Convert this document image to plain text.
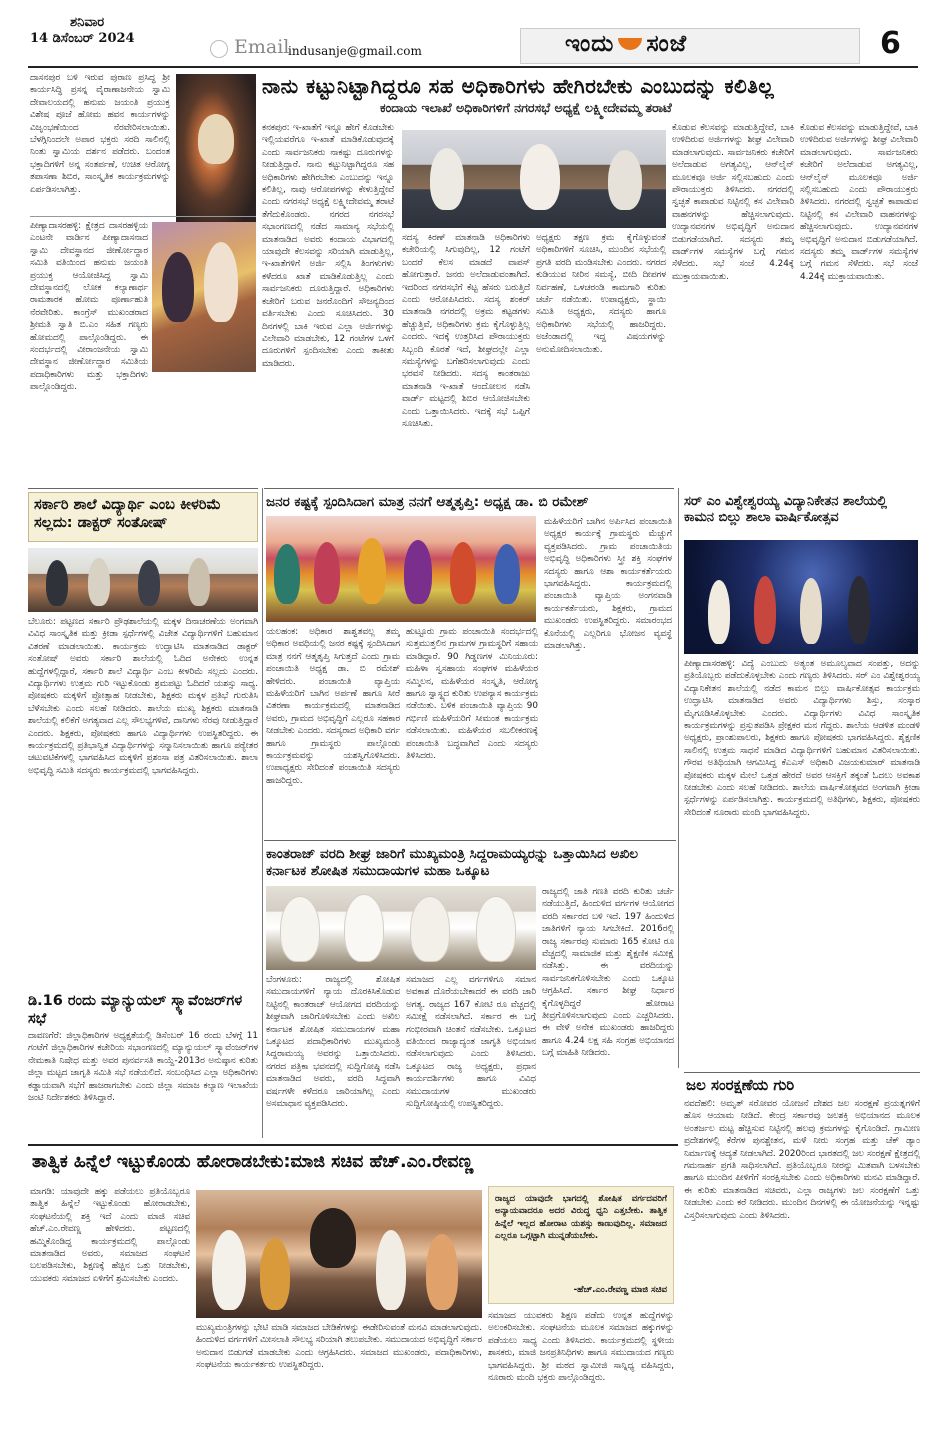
ಶನಿವಾರ
14 ಡಿಸೆಂಬರ್ 2024	Email
indusanje@gmail.com	ಇಂದು ಸಂಜೆ	6
ದಾಸನಪುರ ಬಳಿ ಇರುವ ಪುರಾಣ ಪ್ರಸಿದ್ಧ ಶ್ರೀ ಕಾರ್ಯಸಿದ್ಧಿ ಪ್ರಸನ್ನ ವೈರಾಣಾಜನೇಯ ಸ್ವಾಮಿ ದೇವಾಲಯದಲ್ಲಿ ಹನುಮ ಜಯಂತಿ ಪ್ರಯುಕ್ತ ವಿಶೇಷ ಪೂಜೆ ಹೋಮ ಹವನ ಕಾರ್ಯಗಳನ್ನು ವಿಜೃಂಭಣೆಯಿಂದ ನೆರವೇರಿಸಲಾಯಿತು. ಬೆಳಗ್ಗಿನಿಂದಲೇ ಅಪಾರ ಭಕ್ತರು ಸರದಿ ಸಾಲಿನಲ್ಲಿ ನಿಂತು ಸ್ವಾಮಿಯ ದರ್ಶನ ಪಡೆದರು. ಬಂದಂತ ಭಕ್ತಾದಿಗಳಿಗೆ ಅನ್ನ ಸಂತರ್ಪಣೆ, ಉಚಿತ ಆರೋಗ್ಯ ತಪಾಸಣಾ ಶಿಬಿರ, ಸಾಂಸ್ಕೃತಿಕ ಕಾರ್ಯಕ್ರಮಗಳನ್ನು ಏರ್ಪಡಿಸಲಾಗಿತ್ತು.
ಪೀಣ್ಯಾದಾಸರಹಳ್ಳಿ: ಕ್ಷೇತ್ರದ ದಾಸರಹಳ್ಳಿಯ ಎಂಟನೇ ವಾರ್ಡಿನ ಪೀಣ್ಯಾದಾಸನಾದ ಸ್ವಾಮಿ ದೇವಸ್ಥಾನದ ಜೀರ್ಣೋದ್ಧಾರ ಸಮಿತಿ ವತಿಯಿಂದ ಹನುಮ ಜಯಂತಿ ಪ್ರಯುಕ್ತ ಆಯೋಜಿಸಿದ್ದ ಸ್ವಾಮಿ ದೇವಸ್ಥಾನದಲ್ಲಿ ಲೋಕ ಕಲ್ಯಾಣಾರ್ಥ ರಾಮತಾರಕ ಹೋಮ ಪೂರ್ಣಾಹುತಿ ನೆರವೇರಿತು. ಕಾಂಗ್ರೆಸ್ ಮುಖಂಡರಾದ ಶ್ರೀಮತಿ ಸ್ವಾತಿ ಬಿ.ಎಂ ಸಹಿತ ಗಣ್ಯರು ಹೋಮದಲ್ಲಿ ಪಾಲ್ಗೊಂಡಿದ್ದರು. ಈ ಸಂದರ್ಭದಲ್ಲಿ ವೀರಾಂಜನೇಯ ಸ್ವಾಮಿ ದೇವಸ್ಥಾನ ಜೀರ್ಣೋದ್ಧಾರ ಸಮಿತಿಯ ಪದಾಧಿಕಾರಿಗಳು ಮತ್ತು ಭಕ್ತಾದಿಗಳು ಪಾಲ್ಗೊಂಡಿದ್ದರು.
ನಾನು ಕಟ್ಟುನಿಟ್ಟಾಗಿದ್ದರೂ ಸಹ ಅಧಿಕಾರಿಗಳು ಹೇಗಿರಬೇಕು ಎಂಬುದನ್ನು ಕಲಿತಿಲ್ಲ
ಕಂದಾಯ ಇಲಾಖೆ ಅಧಿಕಾರಿಗಳಿಗೆ ನಗರಸಭೆ ಅಧ್ಯಕ್ಷೆ ಲಕ್ಷ್ಮೀದೇವಮ್ಮ ತರಾಟೆ
ಕನಕಪುರ: ಇ-ಖಾತೆಗೆ ಇನ್ನೂ ಹೇಗೆ ಕೊಡಬೇಕು ಇಲ್ಲಿಯವರೆಗೂ ಇ-ಖಾತೆ ಮಾಡಿಕೊಡುವುದಕ್ಕೆ ಎಂದು ಸಾರ್ವಜನಿಕರು ನಾಕಷ್ಟು ದೂರುಗಳನ್ನು ನೀಡುತ್ತಿದ್ದಾರೆ. ನಾನು ಕಟ್ಟುನಿಟ್ಟಾಗಿದ್ದರೂ ಸಹ ಅಧಿಕಾರಿಗಳು ಹೇಗಿರಬೇಕು ಎಂಬುದನ್ನು ಇನ್ನೂ ಕಲಿತಿಲ್ಲ, ನಾವು ಆರೋಪಗಳನ್ನು ಕೇಳುತ್ತಿದ್ದೇವೆ ಎಂದು ನಗರಸಭೆ ಅಧ್ಯಕ್ಷೆ ಲಕ್ಷ್ಮೀದೇವಮ್ಮ ತರಾಟೆ ತೆಗೆದುಕೊಂಡರು. ನಗರದ ನಗರಸಭೆ ಸಭಾಂಗಣದಲ್ಲಿ ನಡೆದ ಸಾಮಾನ್ಯ ಸಭೆಯಲ್ಲಿ ಮಾತನಾಡಿದ ಅವರು ಕಂದಾಯ ವಿಭಾಗದಲ್ಲಿ ಯಾವುದೇ ಕೆಲಸವನ್ನು ಸರಿಯಾಗಿ ಮಾಡುತ್ತಿಲ್ಲ, ಇ-ಖಾತೆಗಳಿಗೆ ಅರ್ಜಿ ಸಲ್ಲಿಸಿ ತಿಂಗಳುಗಳು ಕಳೆದರೂ ಖಾತೆ ಮಾಡಿಕೊಡುತ್ತಿಲ್ಲ ಎಂದು ಸಾರ್ವಜನಿಕರು ದೂರುತ್ತಿದ್ದಾರೆ. ಅಧಿಕಾರಿಗಳು ಕಚೇರಿಗೆ ಬರುವ ಜನರೊಂದಿಗೆ ಸೌಜನ್ಯದಿಂದ ವರ್ತಿಸಬೇಕು ಎಂದು ಸೂಚಿಸಿದರು. 30 ದಿನಗಳಲ್ಲಿ ಬಾಕಿ ಇರುವ ಎಲ್ಲಾ ಅರ್ಜಿಗಳನ್ನು ವಿಲೇವಾರಿ ಮಾಡಬೇಕು, 12 ಗಂಟೆಗಳ ಒಳಗೆ ದೂರುಗಳಿಗೆ ಸ್ಪಂದಿಸಬೇಕು ಎಂದು ತಾಕೀತು ಮಾಡಿದರು.
ಸದಸ್ಯ ಕಿರಣ್ ಮಾತನಾಡಿ ಅಧಿಕಾರಿಗಳು ಕಚೇರಿಯಲ್ಲಿ ಸಿಗುವುದಿಲ್ಲ, 12 ಗಂಟೆಗೆ ಬಂದರೆ ಕೆಲಸ ಮಾಡದೆ ವಾಪಸ್ ಹೋಗುತ್ತಾರೆ. ಜನರು ಅಲೆದಾಡುವಂತಾಗಿದೆ. ಇದರಿಂದ ನಗರಸಭೆಗೆ ಕೆಟ್ಟ ಹೆಸರು ಬರುತ್ತಿದೆ ಎಂದು ಆರೋಪಿಸಿದರು. ಸದಸ್ಯ ಶಂಕರ್ ಮಾತನಾಡಿ ನಗರದಲ್ಲಿ ಅಕ್ರಮ ಕಟ್ಟಡಗಳು ಹೆಚ್ಚುತ್ತಿವೆ, ಅಧಿಕಾರಿಗಳು ಕ್ರಮ ಕೈಗೊಳ್ಳುತ್ತಿಲ್ಲ ಎಂದರು. ಇದಕ್ಕೆ ಉತ್ತರಿಸಿದ ಪೌರಾಯುಕ್ತರು ಸಿಬ್ಬಂದಿ ಕೊರತೆ ಇದೆ, ಶೀಘ್ರದಲ್ಲೇ ಎಲ್ಲಾ ಸಮಸ್ಯೆಗಳನ್ನು ಬಗೆಹರಿಸಲಾಗುವುದು ಎಂದು ಭರವಸೆ ನೀಡಿದರು. ಸದಸ್ಯ ಕಾಂತರಾಜು ಮಾತನಾಡಿ ಇ-ಖಾತೆ ಆಂದೋಲನ ನಡೆಸಿ ವಾರ್ಡ್ ಮಟ್ಟದಲ್ಲಿ ಶಿಬಿರ ಆಯೋಜಿಸಬೇಕು ಎಂದು ಒತ್ತಾಯಿಸಿದರು. ಇದಕ್ಕೆ ಸಭೆ ಒಪ್ಪಿಗೆ ಸೂಚಿಸಿತು.
ಅಧ್ಯಕ್ಷರು ತಕ್ಷಣ ಕ್ರಮ ಕೈಗೊಳ್ಳುವಂತೆ ಅಧಿಕಾರಿಗಳಿಗೆ ಸೂಚಿಸಿ, ಮುಂದಿನ ಸಭೆಯಲ್ಲಿ ಪ್ರಗತಿ ವರದಿ ಮಂಡಿಸಬೇಕು ಎಂದರು. ನಗರದ ಕುಡಿಯುವ ನೀರಿನ ಸಮಸ್ಯೆ, ಬೀದಿ ದೀಪಗಳ ನಿರ್ವಹಣೆ, ಒಳಚರಂಡಿ ಕಾಮಗಾರಿ ಕುರಿತು ಚರ್ಚೆ ನಡೆಯಿತು. ಉಪಾಧ್ಯಕ್ಷರು, ಸ್ಥಾಯಿ ಸಮಿತಿ ಅಧ್ಯಕ್ಷರು, ಸದಸ್ಯರು ಹಾಗೂ ಅಧಿಕಾರಿಗಳು ಸಭೆಯಲ್ಲಿ ಹಾಜರಿದ್ದರು. ಅಜೆಂಡಾದಲ್ಲಿ ಇದ್ದ ವಿಷಯಗಳನ್ನು ಅನುಮೋದಿಸಲಾಯಿತು.
ಕೊಡುವ ಕೆಲಸವನ್ನು ಮಾಡುತ್ತಿದ್ದೇವೆ, ಬಾಕಿ ಉಳಿದಿರುವ ಅರ್ಜಿಗಳನ್ನು ಶೀಘ್ರ ವಿಲೇವಾರಿ ಮಾಡಲಾಗುವುದು. ಸಾರ್ವಜನಿಕರು ಕಚೇರಿಗೆ ಅಲೆದಾಡುವ ಅಗತ್ಯವಿಲ್ಲ, ಆನ್‌ಲೈನ್ ಮೂಲಕವೂ ಅರ್ಜಿ ಸಲ್ಲಿಸಬಹುದು ಎಂದು ಪೌರಾಯುಕ್ತರು ತಿಳಿಸಿದರು. ನಗರದಲ್ಲಿ ಸ್ವಚ್ಛತೆ ಕಾಪಾಡುವ ನಿಟ್ಟಿನಲ್ಲಿ ಕಸ ವಿಲೇವಾರಿ ವಾಹನಗಳನ್ನು ಹೆಚ್ಚಿಸಲಾಗುವುದು. ಉದ್ಯಾನವನಗಳ ಅಭಿವೃದ್ಧಿಗೆ ಅನುದಾನ ಬಿಡುಗಡೆಯಾಗಿದೆ. ಸದಸ್ಯರು ತಮ್ಮ ವಾರ್ಡ್‌ಗಳ ಸಮಸ್ಯೆಗಳ ಬಗ್ಗೆ ಗಮನ ಸೆಳೆದರು. ಸಭೆ ಸಂಜೆ 4.24ಕ್ಕೆ ಮುಕ್ತಾಯವಾಯಿತು.
ಕೊಡುವ ಕೆಲಸವನ್ನು ಮಾಡುತ್ತಿದ್ದೇವೆ, ಬಾಕಿ ಉಳಿದಿರುವ ಅರ್ಜಿಗಳನ್ನು ಶೀಘ್ರ ವಿಲೇವಾರಿ ಮಾಡಲಾಗುವುದು. ಸಾರ್ವಜನಿಕರು ಕಚೇರಿಗೆ ಅಲೆದಾಡುವ ಅಗತ್ಯವಿಲ್ಲ, ಆನ್‌ಲೈನ್ ಮೂಲಕವೂ ಅರ್ಜಿ ಸಲ್ಲಿಸಬಹುದು ಎಂದು ಪೌರಾಯುಕ್ತರು ತಿಳಿಸಿದರು. ನಗರದಲ್ಲಿ ಸ್ವಚ್ಛತೆ ಕಾಪಾಡುವ ನಿಟ್ಟಿನಲ್ಲಿ ಕಸ ವಿಲೇವಾರಿ ವಾಹನಗಳನ್ನು ಹೆಚ್ಚಿಸಲಾಗುವುದು. ಉದ್ಯಾನವನಗಳ ಅಭಿವೃದ್ಧಿಗೆ ಅನುದಾನ ಬಿಡುಗಡೆಯಾಗಿದೆ. ಸದಸ್ಯರು ತಮ್ಮ ವಾರ್ಡ್‌ಗಳ ಸಮಸ್ಯೆಗಳ ಬಗ್ಗೆ ಗಮನ ಸೆಳೆದರು. ಸಭೆ ಸಂಜೆ 4.24ಕ್ಕೆ ಮುಕ್ತಾಯವಾಯಿತು.
ಸರ್ಕಾರಿ ಶಾಲೆ ವಿದ್ಯಾರ್ಥಿ ಎಂಬ ಕೀಳರಿಮೆ ಸಲ್ಲದು: ಡಾಕ್ಟರ್ ಸಂತೋಷ್
ಬೆಲೂರು: ಪಟ್ಟಣದ ಸರ್ಕಾರಿ ಪ್ರೌಢಶಾಲೆಯಲ್ಲಿ ಮಕ್ಕಳ ದಿನಾಚರಣೆಯ ಅಂಗವಾಗಿ ವಿವಿಧ ಸಾಂಸ್ಕೃತಿಕ ಮತ್ತು ಕ್ರೀಡಾ ಸ್ಪರ್ಧೆಗಳಲ್ಲಿ ವಿಜೇತ ವಿದ್ಯಾರ್ಥಿಗಳಿಗೆ ಬಹುಮಾನ ವಿತರಣೆ ಮಾಡಲಾಯಿತು. ಕಾರ್ಯಕ್ರಮ ಉದ್ಘಾಟಿಸಿ ಮಾತನಾಡಿದ ಡಾಕ್ಟರ್ ಸಂತೋಷ್ ಅವರು ಸರ್ಕಾರಿ ಶಾಲೆಯಲ್ಲಿ ಓದಿದ ಅನೇಕರು ಉನ್ನತ ಹುದ್ದೆಗಳಲ್ಲಿದ್ದಾರೆ, ಸರ್ಕಾರಿ ಶಾಲೆ ವಿದ್ಯಾರ್ಥಿ ಎಂಬ ಕೀಳರಿಮೆ ಸಲ್ಲದು ಎಂದರು. ವಿದ್ಯಾರ್ಥಿಗಳು ಉತ್ತಮ ಗುರಿ ಇಟ್ಟುಕೊಂಡು ಶ್ರಮಪಟ್ಟು ಓದಿದರೆ ಯಶಸ್ಸು ಸಾಧ್ಯ. ಪೋಷಕರು ಮಕ್ಕಳಿಗೆ ಪ್ರೋತ್ಸಾಹ ನೀಡಬೇಕು, ಶಿಕ್ಷಕರು ಮಕ್ಕಳ ಪ್ರತಿಭೆ ಗುರುತಿಸಿ ಬೆಳೆಸಬೇಕು ಎಂದು ಸಲಹೆ ನೀಡಿದರು. ಶಾಲೆಯ ಮುಖ್ಯ ಶಿಕ್ಷಕರು ಮಾತನಾಡಿ ಶಾಲೆಯಲ್ಲಿ ಕಲಿಕೆಗೆ ಅಗತ್ಯವಾದ ಎಲ್ಲ ಸೌಲಭ್ಯಗಳಿವೆ, ದಾನಿಗಳು ನೆರವು ನೀಡುತ್ತಿದ್ದಾರೆ ಎಂದರು. ಶಿಕ್ಷಕರು, ಪೋಷಕರು ಹಾಗೂ ವಿದ್ಯಾರ್ಥಿಗಳು ಉಪಸ್ಥಿತರಿದ್ದರು. ಈ ಕಾರ್ಯಕ್ರಮದಲ್ಲಿ ಪ್ರತಿಭಾನ್ವಿತ ವಿದ್ಯಾರ್ಥಿಗಳನ್ನು ಸನ್ಮಾನಿಸಲಾಯಿತು ಹಾಗೂ ಪಠ್ಯೇತರ ಚಟುವಟಿಕೆಗಳಲ್ಲಿ ಭಾಗವಹಿಸಿದ ಮಕ್ಕಳಿಗೆ ಪ್ರಶಂಸಾ ಪತ್ರ ವಿತರಿಸಲಾಯಿತು. ಶಾಲಾ ಅಭಿವೃದ್ಧಿ ಸಮಿತಿ ಸದಸ್ಯರು ಕಾರ್ಯಕ್ರಮದಲ್ಲಿ ಭಾಗವಹಿಸಿದ್ದರು.
ಡಿ.16 ರಂದು ಮ್ಯಾನ್ಯುಯಲ್ ಸ್ಕ್ಯಾವೆಂಜರ್‌ಗಳ ಸಭೆ
ದಾವಣಗೆರೆ: ಜಿಲ್ಲಾಧಿಕಾರಿಗಳ ಅಧ್ಯಕ್ಷತೆಯಲ್ಲಿ ಡಿಸೆಂಬರ್ 16 ರಂದು ಬೆಳಗ್ಗೆ 11 ಗಂಟೆಗೆ ಜಿಲ್ಲಾಧಿಕಾರಿಗಳ ಕಚೇರಿಯ ಸಭಾಂಗಣದಲ್ಲಿ ಮ್ಯಾನ್ಯುಯಲ್ ಸ್ಕ್ಯಾವೆಂಜರ್‌ಗಳ ನೇಮಕಾತಿ ನಿಷೇಧ ಮತ್ತು ಅವರ ಪುನರ್ವಸತಿ ಕಾಯ್ದೆ-2013ರ ಅನುಷ್ಠಾನ ಕುರಿತು ಜಿಲ್ಲಾ ಮಟ್ಟದ ಜಾಗೃತಿ ಸಮಿತಿ ಸಭೆ ನಡೆಯಲಿದೆ. ಸಂಬಂಧಿಸಿದ ಎಲ್ಲಾ ಅಧಿಕಾರಿಗಳು ಕಡ್ಡಾಯವಾಗಿ ಸಭೆಗೆ ಹಾಜರಾಗಬೇಕು ಎಂದು ಜಿಲ್ಲಾ ಸಮಾಜ ಕಲ್ಯಾಣ ಇಲಾಖೆಯ ಜಂಟಿ ನಿರ್ದೇಶಕರು ತಿಳಿಸಿದ್ದಾರೆ.
ಜನರ ಕಷ್ಟಕ್ಕೆ ಸ್ಪಂದಿಸಿದಾಗ ಮಾತ್ರ ನನಗೆ ಆತ್ಮತೃಪ್ತಿ: ಅಧ್ಯಕ್ಷ ಡಾ. ಬಿ ರಮೇಶ್
ಯಲಹಂಕ: ಅಧಿಕಾರ ಶಾಶ್ವತವಲ್ಲ ತಮ್ಮ ಅಧಿಕಾರ ಅವಧಿಯಲ್ಲಿ ಜನರ ಕಷ್ಟಕ್ಕೆ ಸ್ಪಂದಿಸಿದಾಗ ಮಾತ್ರ ನನಗೆ ಆತ್ಮತೃಪ್ತಿ ಸಿಗುತ್ತದೆ ಎಂದು ಗ್ರಾಮ ಪಂಚಾಯಿತಿ ಅಧ್ಯಕ್ಷ ಡಾ. ಬಿ ರಮೇಶ್ ಹೇಳಿದರು. ಪಂಚಾಯಿತಿ ವ್ಯಾಪ್ತಿಯ ಮಹಿಳೆಯರಿಗೆ ಬಾಗಿನ ಅರ್ಪಣೆ ಹಾಗೂ ಸೀರೆ ವಿತರಣಾ ಕಾರ್ಯಕ್ರಮದಲ್ಲಿ ಮಾತನಾಡಿದ ಅವರು, ಗ್ರಾಮದ ಅಭಿವೃದ್ಧಿಗೆ ಎಲ್ಲರೂ ಸಹಕಾರ ನೀಡಬೇಕು ಎಂದರು. ಸದಸ್ಯರಾದ ಅಧಿಕಾರಿ ವರ್ಗ ಹಾಗೂ ಗ್ರಾಮಸ್ಥರು ಪಾಲ್ಗೊಂಡು ಕಾರ್ಯಕ್ರಮವನ್ನು ಯಶಸ್ವಿಗೊಳಿಸಿದರು. ಉಪಾಧ್ಯಕ್ಷರು ಸೇರಿದಂತೆ ಪಂಚಾಯಿತಿ ಸದಸ್ಯರು ಹಾಜರಿದ್ದರು.
ಹುಟ್ಟೂರು ಗ್ರಾಮ ಪಂಚಾಯಿತಿ ಸಂದರ್ಭದಲ್ಲಿ ಸುತ್ತಮುತ್ತಲಿನ ಗ್ರಾಮಗಳ ಗ್ರಾಮಸ್ಥರಿಗೆ ಸಹಾಯ ಮಾಡಿದ್ದಾರೆ. 90 ಗಿಡ್ಡಣಗಳ ಮಿನಿಯೂರು: ಮಹಿಳಾ ಸ್ವಸಹಾಯ ಸಂಘಗಳ ಮಹಿಳೆಯರ ಸಮ್ಮಿಲನ, ಮಹಿಳೆಯರ ಸಂಸ್ಕೃತಿ, ಆರೋಗ್ಯ ಹಾಗೂ ಸ್ವಾಸ್ಥ್ಯದ ಕುರಿತು ಉಪನ್ಯಾಸ ಕಾರ್ಯಕ್ರಮ ನಡೆಯಿತು. ಬಳಿಕ ಪಂಚಾಯಿತಿ ವ್ಯಾಪ್ತಿಯ 90 ಗರ್ಭಿಣಿ ಮಹಿಳೆಯರಿಗೆ ಸೀಮಂತ ಕಾರ್ಯಕ್ರಮ ನಡೆಸಲಾಯಿತು. ಮಹಿಳೆಯರ ಸಬಲೀಕರಣಕ್ಕೆ ಪಂಚಾಯಿತಿ ಬದ್ಧವಾಗಿದೆ ಎಂದು ಸದಸ್ಯರು ತಿಳಿಸಿದರು.
ಮಹಿಳೆಯರಿಗೆ ಬಾಗಿನ ಅರ್ಪಿಸಿದ ಪಂಚಾಯಿತಿ ಅಧ್ಯಕ್ಷರ ಕಾರ್ಯಕ್ಕೆ ಗ್ರಾಮಸ್ಥರು ಮೆಚ್ಚುಗೆ ವ್ಯಕ್ತಪಡಿಸಿದರು. ಗ್ರಾಮ ಪಂಚಾಯಿತಿಯ ಅಭಿವೃದ್ಧಿ ಅಧಿಕಾರಿಗಳು ಸ್ತ್ರೀ ಶಕ್ತಿ ಸಂಘಗಳ ಸದಸ್ಯರು ಹಾಗೂ ಆಶಾ ಕಾರ್ಯಕರ್ತೆಯರು ಭಾಗವಹಿಸಿದ್ದರು. ಕಾರ್ಯಕ್ರಮದಲ್ಲಿ ಪಂಚಾಯಿತಿ ವ್ಯಾಪ್ತಿಯ ಅಂಗನವಾಡಿ ಕಾರ್ಯಕರ್ತೆಯರು, ಶಿಕ್ಷಕರು, ಗ್ರಾಮದ ಮುಖಂಡರು ಉಪಸ್ಥಿತರಿದ್ದರು. ಸಮಾರಂಭದ ಕೊನೆಯಲ್ಲಿ ಎಲ್ಲರಿಗೂ ಭೋಜನ ವ್ಯವಸ್ಥೆ ಮಾಡಲಾಗಿತ್ತು.
ಸರ್ ಎಂ ವಿಶ್ವೇಶ್ವರಯ್ಯ ವಿದ್ಯಾನಿಕೇತನ ಶಾಲೆಯಲ್ಲಿ ಕಾಮನ ಬಿಲ್ಲು ಶಾಲಾ ವಾರ್ಷಿಕೋತ್ಸವ
ಪೀಣ್ಯಾದಾಸರಹಳ್ಳಿ: ವಿದ್ಯೆ ಎಂಬುದು ಅತ್ಯಂತ ಅಮೂಲ್ಯವಾದ ಸಂಪತ್ತು, ಅದನ್ನು ಪ್ರತಿಯೊಬ್ಬರು ಪಡೆದುಕೊಳ್ಳಬೇಕು ಎಂದು ಗಣ್ಯರು ತಿಳಿಸಿದರು. ಸರ್ ಎಂ ವಿಶ್ವೇಶ್ವರಯ್ಯ ವಿದ್ಯಾನಿಕೇತನ ಶಾಲೆಯಲ್ಲಿ ನಡೆದ ಕಾಮನ ಬಿಲ್ಲು ವಾರ್ಷಿಕೋತ್ಸವ ಕಾರ್ಯಕ್ರಮ ಉದ್ಘಾಟಿಸಿ ಮಾತನಾಡಿದ ಅವರು ವಿದ್ಯಾರ್ಥಿಗಳು ಶಿಸ್ತು, ಸಂಸ್ಕಾರ ಮೈಗೂಡಿಸಿಕೊಳ್ಳಬೇಕು ಎಂದರು. ವಿದ್ಯಾರ್ಥಿಗಳು ವಿವಿಧ ಸಾಂಸ್ಕೃತಿಕ ಕಾರ್ಯಕ್ರಮಗಳನ್ನು ಪ್ರಸ್ತುತಪಡಿಸಿ ಪ್ರೇಕ್ಷಕರ ಮನ ಗೆದ್ದರು. ಶಾಲೆಯ ಆಡಳಿತ ಮಂಡಳಿ ಅಧ್ಯಕ್ಷರು, ಪ್ರಾಂಶುಪಾಲರು, ಶಿಕ್ಷಕರು ಹಾಗೂ ಪೋಷಕರು ಭಾಗವಹಿಸಿದ್ದರು. ಶೈಕ್ಷಣಿಕ ಸಾಲಿನಲ್ಲಿ ಉತ್ತಮ ಸಾಧನೆ ಮಾಡಿದ ವಿದ್ಯಾರ್ಥಿಗಳಿಗೆ ಬಹುಮಾನ ವಿತರಿಸಲಾಯಿತು. ಗೌರವ ಅತಿಥಿಯಾಗಿ ಆಗಮಿಸಿದ್ದ ಕೆಎಎಸ್ ಅಧಿಕಾರಿ ವಿಜಯಕುಮಾರ್ ಮಾತನಾಡಿ ಪೋಷಕರು ಮಕ್ಕಳ ಮೇಲೆ ಒತ್ತಡ ಹೇರದೆ ಅವರ ಆಸಕ್ತಿಗೆ ತಕ್ಕಂತೆ ಓದಲು ಅವಕಾಶ ನೀಡಬೇಕು ಎಂದು ಸಲಹೆ ನೀಡಿದರು. ಶಾಲೆಯ ವಾರ್ಷಿಕೋತ್ಸವದ ಅಂಗವಾಗಿ ಕ್ರೀಡಾ ಸ್ಪರ್ಧೆಗಳನ್ನು ಏರ್ಪಡಿಸಲಾಗಿತ್ತು. ಕಾರ್ಯಕ್ರಮದಲ್ಲಿ ಅತಿಥಿಗಳು, ಶಿಕ್ಷಕರು, ಪೋಷಕರು ಸೇರಿದಂತೆ ನೂರಾರು ಮಂದಿ ಭಾಗವಹಿಸಿದ್ದರು.
ಜಲ ಸಂರಕ್ಷಣೆಯ ಗುರಿ
ನವದೆಹಲಿ: ಅಮೃತ್ ಸರೋವರ ಯೋಜನೆ ದೇಶದ ಜಲ ಸಂರಕ್ಷಣೆ ಪ್ರಯತ್ನಗಳಿಗೆ ಹೊಸ ಆಯಾಮ ನೀಡಿದೆ. ಕೇಂದ್ರ ಸರ್ಕಾರವು ಜಲಶಕ್ತಿ ಅಭಿಯಾನದ ಮೂಲಕ ಅಂತರ್ಜಲ ಮಟ್ಟ ಹೆಚ್ಚಿಸುವ ನಿಟ್ಟಿನಲ್ಲಿ ಹಲವು ಕ್ರಮಗಳನ್ನು ಕೈಗೊಂಡಿದೆ. ಗ್ರಾಮೀಣ ಪ್ರದೇಶಗಳಲ್ಲಿ ಕೆರೆಗಳ ಪುನಶ್ಚೇತನ, ಮಳೆ ನೀರು ಸಂಗ್ರಹ ಮತ್ತು ಚೆಕ್ ಡ್ಯಾಂ ನಿರ್ಮಾಣಕ್ಕೆ ಆದ್ಯತೆ ನೀಡಲಾಗಿದೆ. 2020ರಿಂದ ಭಾರತದಲ್ಲಿ ಜಲ ಸಂರಕ್ಷಣೆ ಕ್ಷೇತ್ರದಲ್ಲಿ ಗಮನಾರ್ಹ ಪ್ರಗತಿ ಸಾಧಿಸಲಾಗಿದೆ. ಪ್ರತಿಯೊಬ್ಬರೂ ನೀರನ್ನು ಮಿತವಾಗಿ ಬಳಸಬೇಕು ಹಾಗೂ ಮುಂದಿನ ಪೀಳಿಗೆಗೆ ಸಂರಕ್ಷಿಸಬೇಕು ಎಂದು ಅಧಿಕಾರಿಗಳು ಮನವಿ ಮಾಡಿದ್ದಾರೆ. ಈ ಕುರಿತು ಮಾತನಾಡಿದ ಸಚಿವರು, ಎಲ್ಲಾ ರಾಜ್ಯಗಳು ಜಲ ಸಂರಕ್ಷಣೆಗೆ ಒತ್ತು ನೀಡಬೇಕು ಎಂದು ಕರೆ ನೀಡಿದರು. ಮುಂದಿನ ದಿನಗಳಲ್ಲಿ ಈ ಯೋಜನೆಯನ್ನು ಇನ್ನಷ್ಟು ವಿಸ್ತರಿಸಲಾಗುವುದು ಎಂದು ತಿಳಿಸಿದರು.
ಕಾಂತರಾಜ್ ವರದಿ ಶೀಘ್ರ ಜಾರಿಗೆ ಮುಖ್ಯಮಂತ್ರಿ ಸಿದ್ದರಾಮಯ್ಯರನ್ನು ಒತ್ತಾಯಿಸಿದ ಅಖಿಲ ಕರ್ನಾಟಕ ಶೋಷಿತ ಸಮುದಾಯಗಳ ಮಹಾ ಒಕ್ಕೂಟ
ಬೆಂಗಳೂರು: ರಾಜ್ಯದಲ್ಲಿ ಶೋಷಿತ ಸಮುದಾಯಗಳಿಗೆ ನ್ಯಾಯ ದೊರಕಿಸಿಕೊಡುವ ನಿಟ್ಟಿನಲ್ಲಿ ಕಾಂತರಾಜ್ ಆಯೋಗದ ವರದಿಯನ್ನು ಶೀಘ್ರವಾಗಿ ಜಾರಿಗೊಳಿಸಬೇಕು ಎಂದು ಅಖಿಲ ಕರ್ನಾಟಕ ಶೋಷಿತ ಸಮುದಾಯಗಳ ಮಹಾ ಒಕ್ಕೂಟದ ಪದಾಧಿಕಾರಿಗಳು ಮುಖ್ಯಮಂತ್ರಿ ಸಿದ್ದರಾಮಯ್ಯ ಅವರನ್ನು ಒತ್ತಾಯಿಸಿದರು. ನಗರದ ಪತ್ರಿಕಾ ಭವನದಲ್ಲಿ ಸುದ್ದಿಗೋಷ್ಠಿ ನಡೆಸಿ ಮಾತನಾಡಿದ ಅವರು, ವರದಿ ಸಿದ್ಧವಾಗಿ ವರ್ಷಗಳೇ ಕಳೆದರೂ ಜಾರಿಯಾಗಿಲ್ಲ ಎಂದು ಅಸಮಾಧಾನ ವ್ಯಕ್ತಪಡಿಸಿದರು.
ಸಮಾಜದ ಎಲ್ಲ ವರ್ಗಗಳಿಗೂ ಸಮಾನ ಅವಕಾಶ ದೊರೆಯಬೇಕಾದರೆ ಈ ವರದಿ ಜಾರಿ ಅಗತ್ಯ. ರಾಜ್ಯದ 167 ಕೋಟಿ ರೂ ವೆಚ್ಚದಲ್ಲಿ ಸಮೀಕ್ಷೆ ನಡೆಸಲಾಗಿದೆ. ಸರ್ಕಾರ ಈ ಬಗ್ಗೆ ಗಂಭೀರವಾಗಿ ಚಿಂತನೆ ನಡೆಸಬೇಕು. ಒಕ್ಕೂಟದ ವತಿಯಿಂದ ರಾಜ್ಯಾದ್ಯಂತ ಜಾಗೃತಿ ಅಭಿಯಾನ ನಡೆಸಲಾಗುವುದು ಎಂದು ತಿಳಿಸಿದರು. ಒಕ್ಕೂಟದ ರಾಜ್ಯ ಅಧ್ಯಕ್ಷರು, ಪ್ರಧಾನ ಕಾರ್ಯದರ್ಶಿಗಳು ಹಾಗೂ ವಿವಿಧ ಸಮುದಾಯಗಳ ಮುಖಂಡರು ಸುದ್ದಿಗೋಷ್ಠಿಯಲ್ಲಿ ಉಪಸ್ಥಿತರಿದ್ದರು.
ರಾಜ್ಯದಲ್ಲಿ ಜಾತಿ ಗಣತಿ ವರದಿ ಕುರಿತು ಚರ್ಚೆ ನಡೆಯುತ್ತಿದೆ, ಹಿಂದುಳಿದ ವರ್ಗಗಳ ಆಯೋಗದ ವರದಿ ಸರ್ಕಾರದ ಬಳಿ ಇದೆ. 197 ಹಿಂದುಳಿದ ಜಾತಿಗಳಿಗೆ ನ್ಯಾಯ ಸಿಗಬೇಕಿದೆ. 2016ರಲ್ಲಿ ರಾಜ್ಯ ಸರ್ಕಾರವು ಸುಮಾರು 165 ಕೋಟಿ ರೂ ವೆಚ್ಚದಲ್ಲಿ ಸಾಮಾಜಿಕ ಮತ್ತು ಶೈಕ್ಷಣಿಕ ಸಮೀಕ್ಷೆ ನಡೆಸಿತ್ತು. ಈ ವರದಿಯನ್ನು ಸಾರ್ವಜನಿಕಗೊಳಿಸಬೇಕು ಎಂದು ಒಕ್ಕೂಟ ಆಗ್ರಹಿಸಿದೆ. ಸರ್ಕಾರ ಶೀಘ್ರ ನಿರ್ಧಾರ ಕೈಗೊಳ್ಳದಿದ್ದರೆ ಹೋರಾಟ ತೀವ್ರಗೊಳಿಸಲಾಗುವುದು ಎಂದು ಎಚ್ಚರಿಸಿದರು. ಈ ವೇಳೆ ಅನೇಕ ಮುಖಂಡರು ಹಾಜರಿದ್ದರು ಹಾಗೂ 4.24 ಲಕ್ಷ ಸಹಿ ಸಂಗ್ರಹ ಅಭಿಯಾನದ ಬಗ್ಗೆ ಮಾಹಿತಿ ನೀಡಿದರು.
ತಾತ್ವಿಕ ಹಿನ್ನೆಲೆ ಇಟ್ಟುಕೊಂಡು ಹೋರಾಡಬೇಕು:ಮಾಜಿ ಸಚಿವ ಹೆಚ್.ಎಂ.ರೇವಣ್ಣ
ಮಾಗಡಿ: ಯಾವುದೇ ಹಕ್ಕು ಪಡೆಯಲು ಪ್ರತಿಯೊಬ್ಬರೂ ತಾತ್ವಿಕ ಹಿನ್ನೆಲೆ ಇಟ್ಟುಕೊಂಡು ಹೋರಾಡಬೇಕು, ಸಂಘಟನೆಯಲ್ಲಿ ಶಕ್ತಿ ಇದೆ ಎಂದು ಮಾಜಿ ಸಚಿವ ಹೆಚ್.ಎಂ.ರೇವಣ್ಣ ಹೇಳಿದರು. ಪಟ್ಟಣದಲ್ಲಿ ಹಮ್ಮಿಕೊಂಡಿದ್ದ ಕಾರ್ಯಕ್ರಮದಲ್ಲಿ ಪಾಲ್ಗೊಂಡು ಮಾತನಾಡಿದ ಅವರು, ಸಮಾಜದ ಸಂಘಟನೆ ಬಲಪಡಿಸಬೇಕು, ಶಿಕ್ಷಣಕ್ಕೆ ಹೆಚ್ಚಿನ ಒತ್ತು ನೀಡಬೇಕು, ಯುವಕರು ಸಮಾಜದ ಏಳಿಗೆಗೆ ಶ್ರಮಿಸಬೇಕು ಎಂದರು.
ಮುಖ್ಯಮಂತ್ರಿಗಳನ್ನು ಭೇಟಿ ಮಾಡಿ ಸಮಾಜದ ಬೇಡಿಕೆಗಳನ್ನು ಈಡೇರಿಸುವಂತೆ ಮನವಿ ಮಾಡಲಾಗುವುದು. ಹಿಂದುಳಿದ ವರ್ಗಗಳಿಗೆ ಮೀಸಲಾತಿ ಸೌಲಭ್ಯ ಸರಿಯಾಗಿ ತಲುಪಬೇಕು. ಸಮುದಾಯದ ಅಭಿವೃದ್ಧಿಗೆ ಸರ್ಕಾರ ಅನುದಾನ ಬಿಡುಗಡೆ ಮಾಡಬೇಕು ಎಂದು ಆಗ್ರಹಿಸಿದರು. ಸಮಾಜದ ಮುಖಂಡರು, ಪದಾಧಿಕಾರಿಗಳು, ಸಂಘಟನೆಯ ಕಾರ್ಯಕರ್ತರು ಉಪಸ್ಥಿತರಿದ್ದರು.
ರಾಜ್ಯದ ಯಾವುದೇ ಭಾಗದಲ್ಲಿ ಶೋಷಿತ ವರ್ಗದವರಿಗೆ ಅನ್ಯಾಯವಾದರೂ ಅದರ ವಿರುದ್ಧ ಧ್ವನಿ ಎತ್ತಬೇಕು. ತಾತ್ವಿಕ ಹಿನ್ನೆಲೆ ಇಲ್ಲದ ಹೋರಾಟ ಯಶಸ್ಸು ಕಾಣುವುದಿಲ್ಲ. ಸಮಾಜದ ಎಲ್ಲರೂ ಒಗ್ಗಟ್ಟಾಗಿ ಮುನ್ನಡೆಯಬೇಕು.
-ಹೆಚ್.ಎಂ.ರೇವಣ್ಣ ಮಾಜಿ ಸಚಿವ
ಸಮಾಜದ ಯುವಕರು ಶಿಕ್ಷಣ ಪಡೆದು ಉನ್ನತ ಹುದ್ದೆಗಳನ್ನು ಅಲಂಕರಿಸಬೇಕು. ಸಂಘಟನೆಯ ಮೂಲಕ ಸಮಾಜದ ಹಕ್ಕುಗಳನ್ನು ಪಡೆಯಲು ಸಾಧ್ಯ ಎಂದು ತಿಳಿಸಿದರು. ಕಾರ್ಯಕ್ರಮದಲ್ಲಿ ಸ್ಥಳೀಯ ಶಾಸಕರು, ಮಾಜಿ ಜನಪ್ರತಿನಿಧಿಗಳು ಹಾಗೂ ಸಮುದಾಯದ ಗಣ್ಯರು ಭಾಗವಹಿಸಿದ್ದರು. ಶ್ರೀ ಮಠದ ಸ್ವಾಮೀಜಿ ಸಾನ್ನಿಧ್ಯ ವಹಿಸಿದ್ದರು, ನೂರಾರು ಮಂದಿ ಭಕ್ತರು ಪಾಲ್ಗೊಂಡಿದ್ದರು.
